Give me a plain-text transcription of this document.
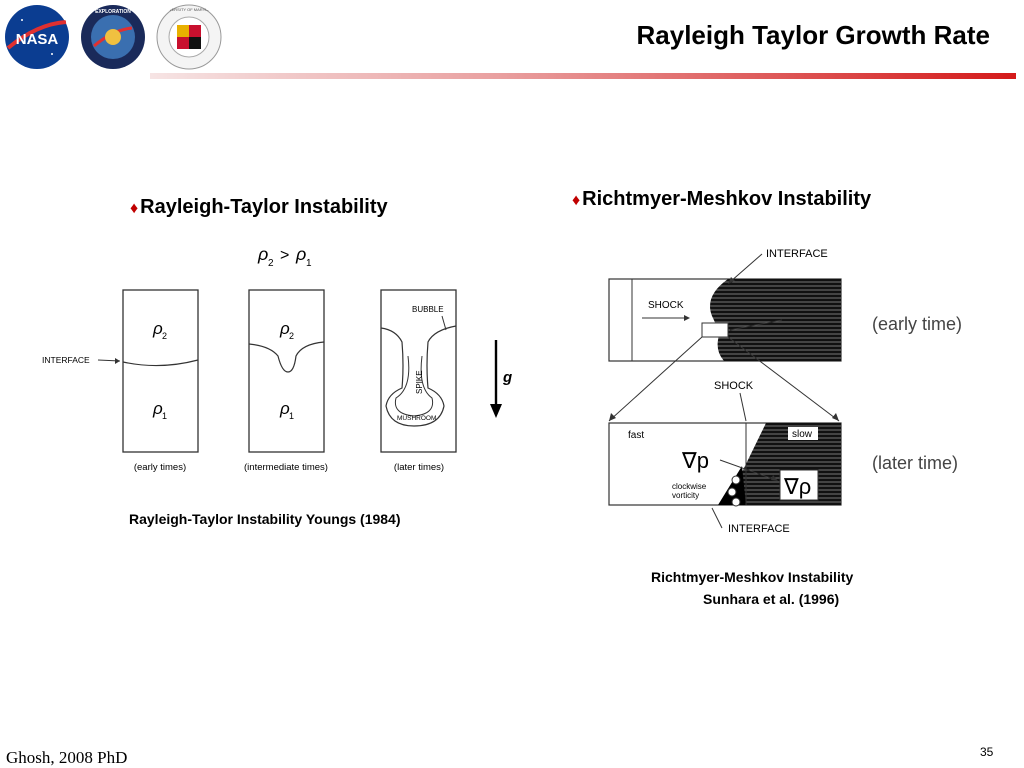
NASA
EXPLORATION	UNIVERSITY OF MARYLAND
Rayleigh Taylor Growth Rate
♦ Rayleigh-Taylor Instability	♦ Richtmyer-Meshkov Instability
ρ 2 > ρ 1
ρ 2
ρ 1
INTERFACE
(early times)
ρ 2
ρ 1
(intermediate times)
BUBBLE
SPIKE
MUSHROOM
(later times)
g
Rayleigh-Taylor Instability Youngs (1984)
SHOCK
INTERFACE
(early time)
SHOCK
fast	slow
∇p
∇ρ
clockwise
vorticity
INTERFACE
(later time)
Richtmyer-Meshkov Instability
Sunhara et al. (1996)
Ghosh, 2008 PhD	35
